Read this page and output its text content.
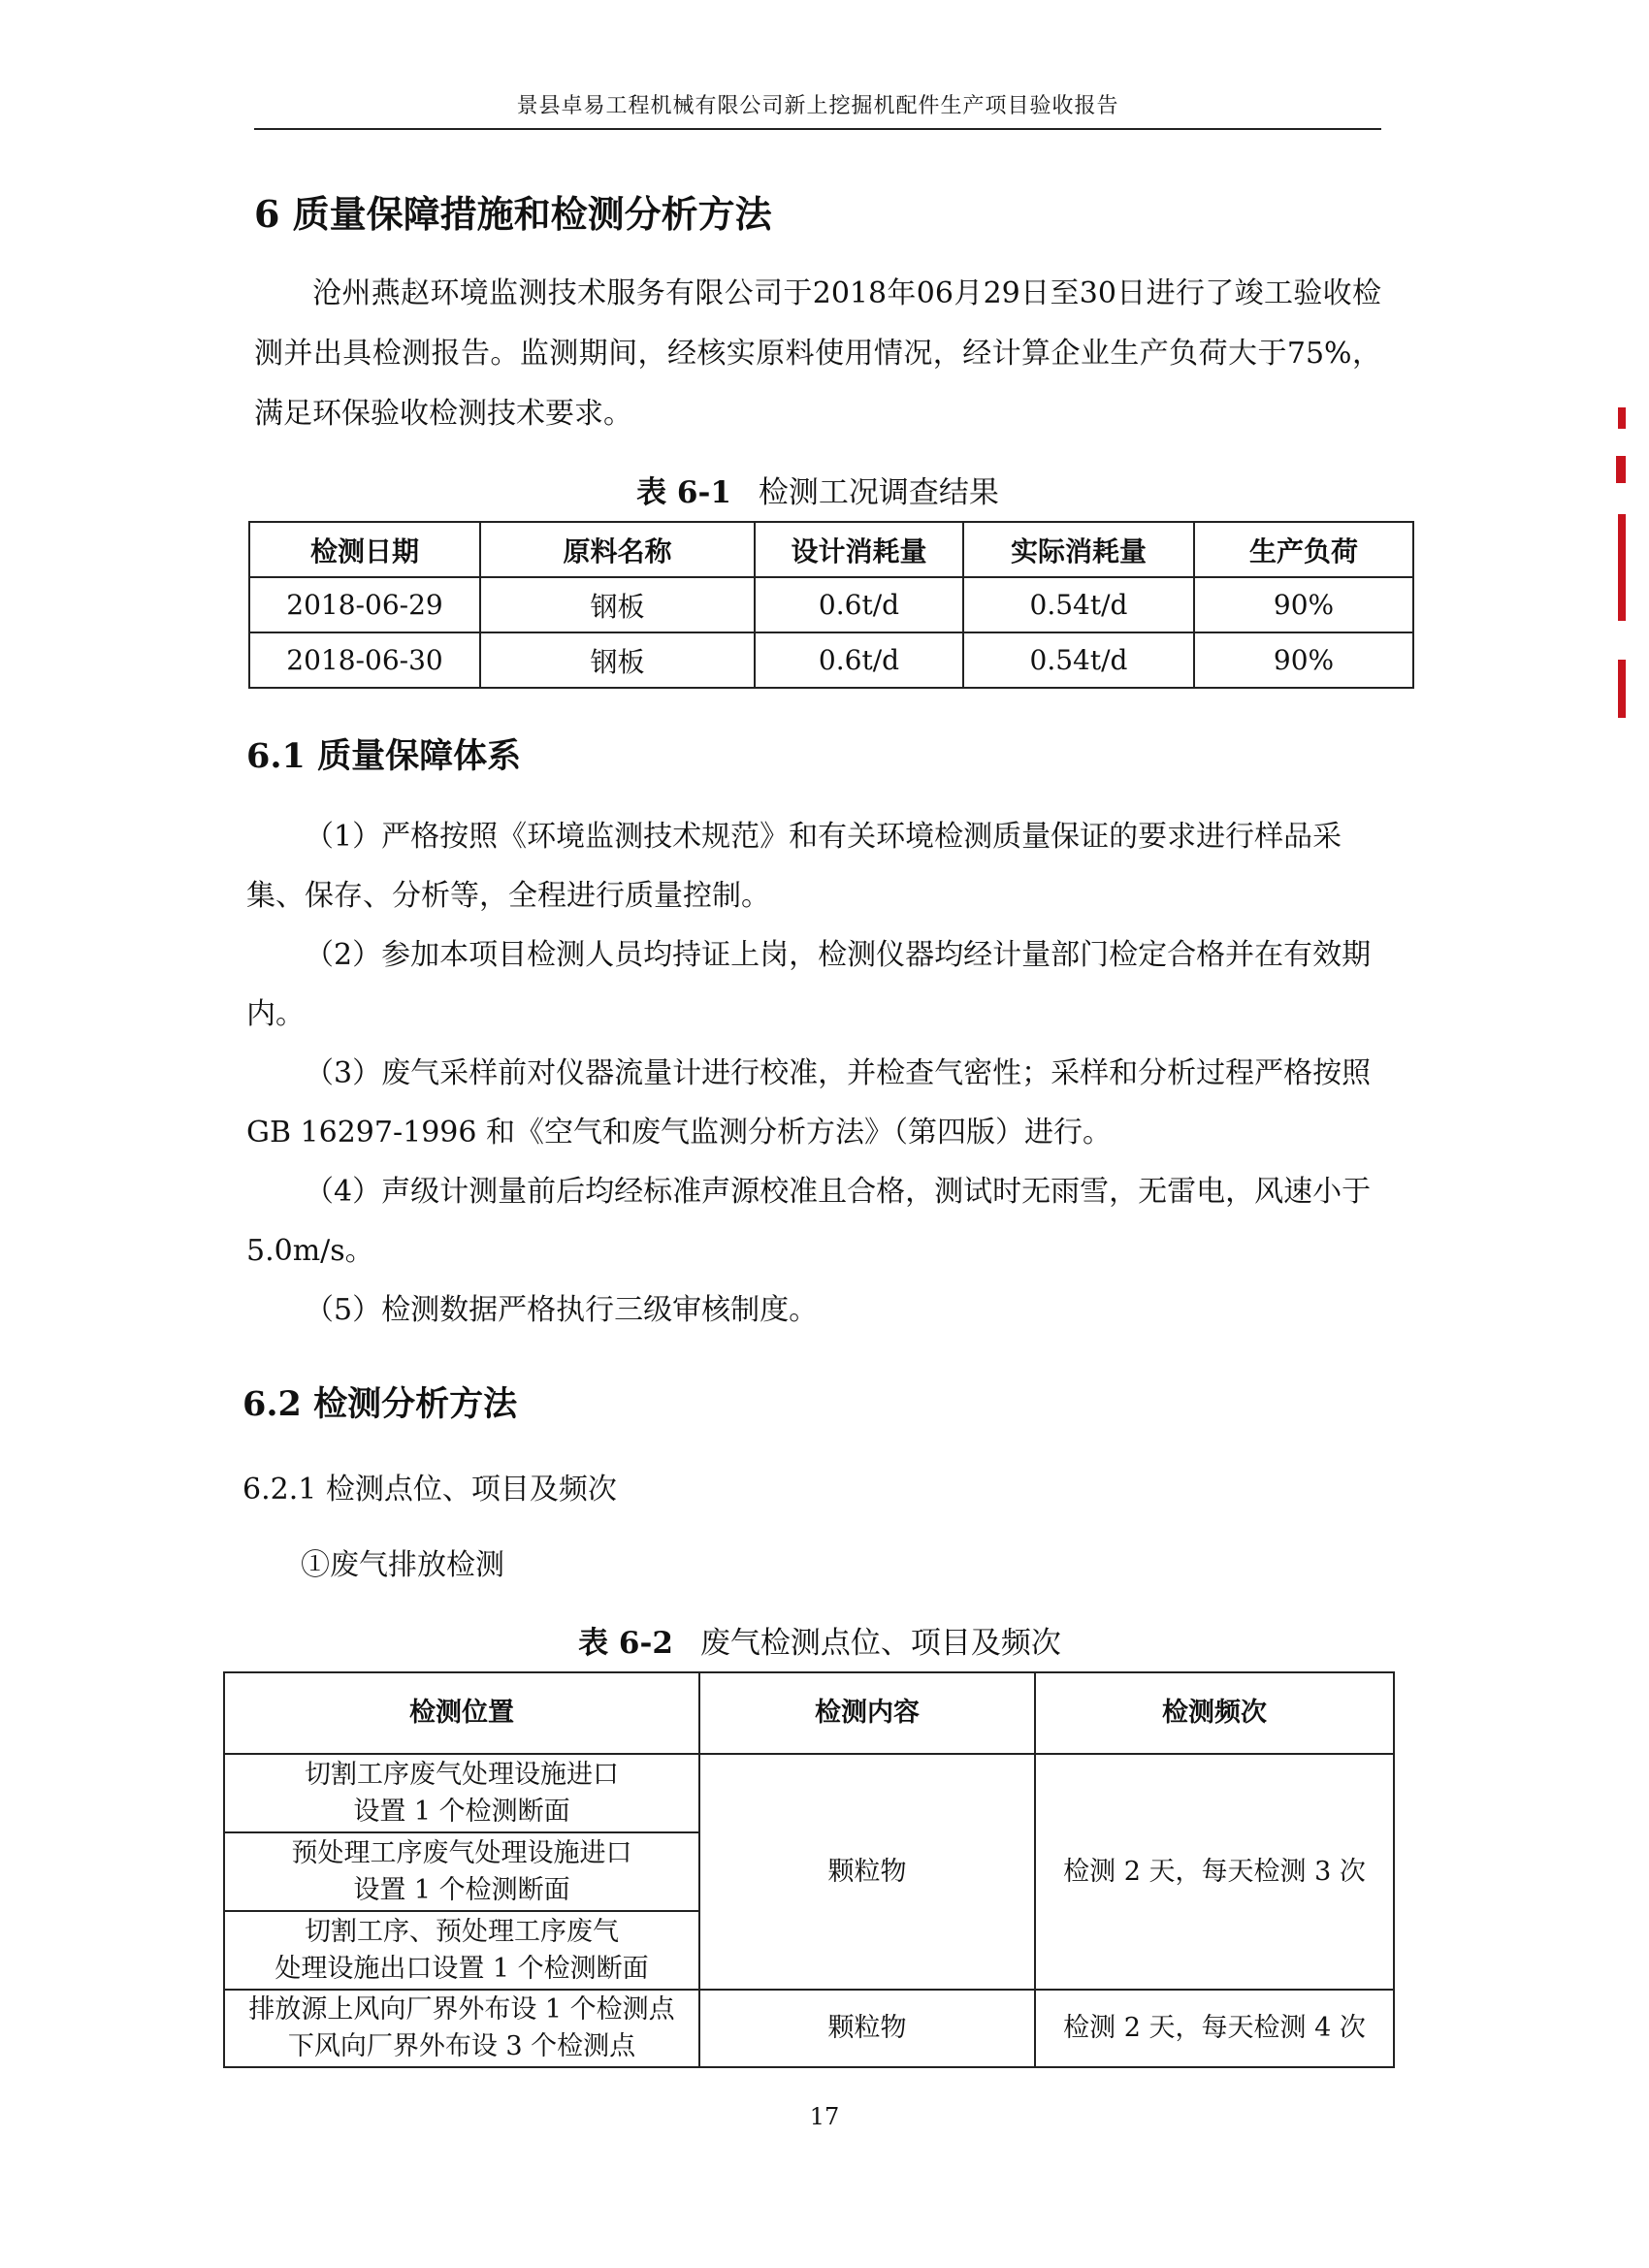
景县卓易工程机械有限公司新上挖掘机配件生产项目验收报告
6 质量保障措施和检测分析方法
沧州燕赵环境监测技术服务有限公司于2018年06月29日至30日进行了竣工验收检测并出具检测报告。监测期间，经核实原料使用情况，经计算企业生产负荷大于75%，满足环保验收检测技术要求。
表 6-1 检测工况调查结果
检测日期	原料名称	设计消耗量	实际消耗量	生产负荷
2018-06-29	钢板	0.6t/d	0.54t/d	90%
2018-06-30	钢板	0.6t/d	0.54t/d	90%
6.1 质量保障体系
（1）严格按照《环境监测技术规范》和有关环境检测质量保证的要求进行样品采集、保存、分析等，全程进行质量控制。
（2）参加本项目检测人员均持证上岗，检测仪器均经计量部门检定合格并在有效期内。
（3）废气采样前对仪器流量计进行校准，并检查气密性；采样和分析过程严格按照 GB 16297-1996 和《空气和废气监测分析方法》（第四版）进行。
（4）声级计测量前后均经标准声源校准且合格，测试时无雨雪，无雷电，风速小于 5.0m/s。
（5）检测数据严格执行三级审核制度。
6.2 检测分析方法
6.2.1 检测点位、项目及频次
①废气排放检测
表 6-2 废气检测点位、项目及频次
检测位置	检测内容	检测频次

切割工序废气处理设施进口
设置 1 个检测断面	颗粒物	检测 2 天，每天检测 3 次

预处理工序废气处理设施进口
设置 1 个检测断面		

切割工序、预处理工序废气
处理设施出口设置 1 个检测断面		

排放源上风向厂界外布设 1 个检测点
下风向厂界外布设 3 个检测点	颗粒物	检测 2 天，每天检测 4 次
17
